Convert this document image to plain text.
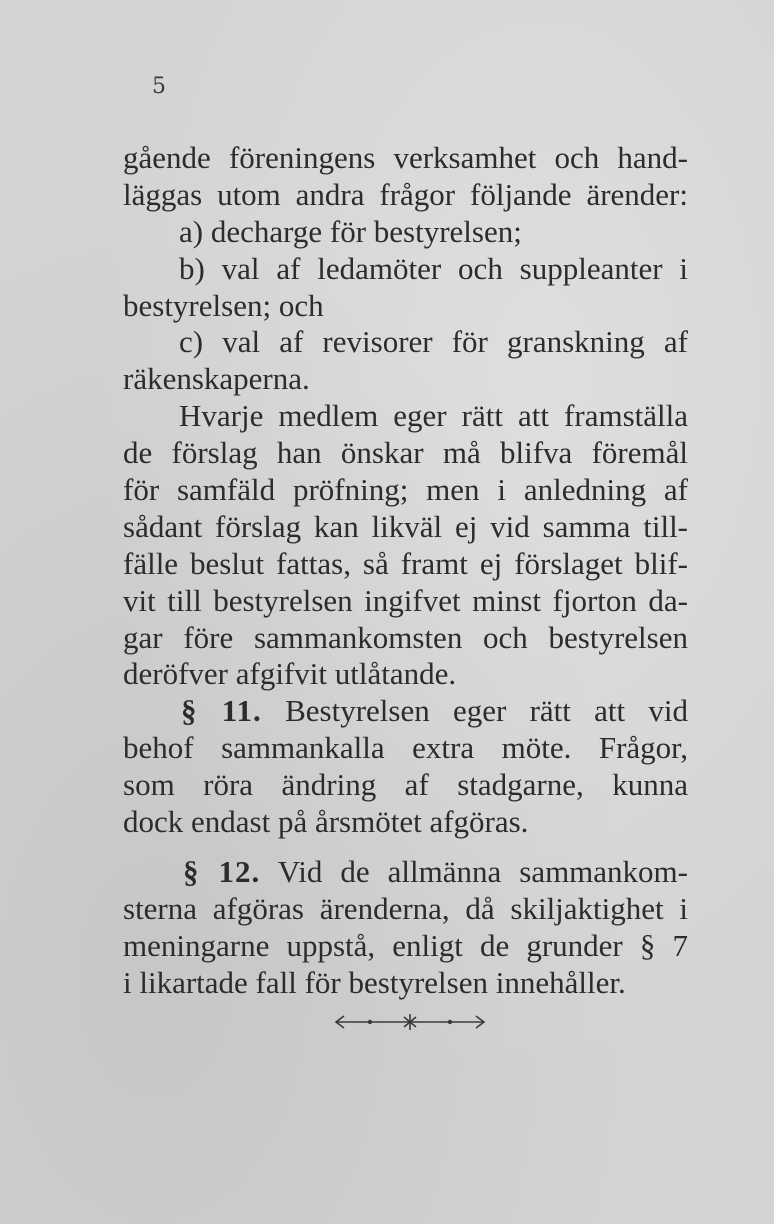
5
gående föreningens verksamhet och hand-
läggas utom andra frågor följande ärender:
a) decharge för bestyrelsen;
b) val af ledamöter och suppleanter i
bestyrelsen; och
c) val af revisorer för granskning af
räkenskaperna.
Hvarje medlem eger rätt att framställa
de förslag han önskar må blifva föremål
för samfäld pröfning; men i anledning af
sådant förslag kan likväl ej vid samma till-
fälle beslut fattas, så framt ej förslaget blif-
vit till bestyrelsen ingifvet minst fjorton da-
gar före sammankomsten och bestyrelsen
deröfver afgifvit utlåtande.
§ 11. Bestyrelsen eger rätt att vid
behof sammankalla extra möte. Frågor,
som röra ändring af stadgarne, kunna
dock endast på årsmötet afgöras.
§ 12. Vid de allmänna sammankom-
sterna afgöras ärenderna, då skiljaktighet i
meningarne uppstå, enligt de grunder § 7
i likartade fall för bestyrelsen innehåller.
